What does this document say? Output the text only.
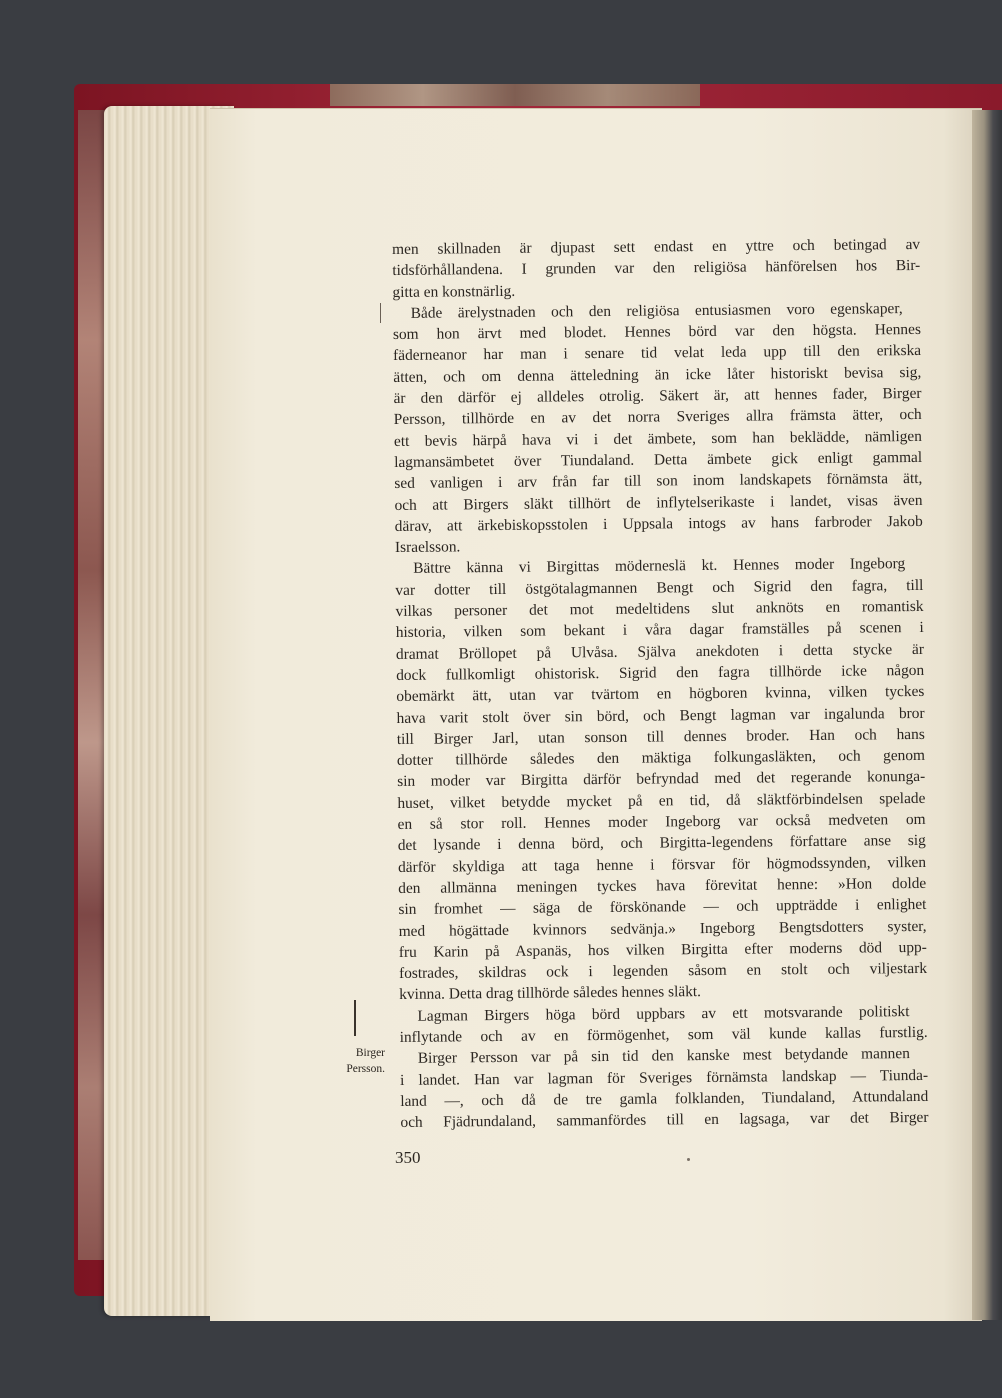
men skillnaden är djupast sett endast en yttre och betingad av
tidsförhållandena. I grunden var den religiösa hänförelsen hos Bir-
gitta en konstnärlig.
Både ärelystnaden och den religiösa entusiasmen voro egenskaper,
som hon ärvt med blodet. Hennes börd var den högsta. Hennes
fäderneanor har man i senare tid velat leda upp till den erikska
ätten, och om denna ätteledning än icke låter historiskt bevisa sig,
är den därför ej alldeles otrolig. Säkert är, att hennes fader, Birger
Persson, tillhörde en av det norra Sveriges allra främsta ätter, och
ett bevis härpå hava vi i det ämbete, som han beklädde, nämligen
lagmansämbetet över Tiundaland. Detta ämbete gick enligt gammal
sed vanligen i arv från far till son inom landskapets förnämsta ätt,
och att Birgers släkt tillhört de inflytelserikaste i landet, visas även
därav, att ärkebiskopsstolen i Uppsala intogs av hans farbroder Jakob
Israelsson.
Bättre känna vi Birgittas möderneslä kt. Hennes moder Ingeborg
var dotter till östgötalagmannen Bengt och Sigrid den fagra, till
vilkas personer det mot medeltidens slut anknöts en romantisk
historia, vilken som bekant i våra dagar framställes på scenen i
dramat Bröllopet på Ulvåsa. Själva anekdoten i detta stycke är
dock fullkomligt ohistorisk. Sigrid den fagra tillhörde icke någon
obemärkt ätt, utan var tvärtom en högboren kvinna, vilken tyckes
hava varit stolt över sin börd, och Bengt lagman var ingalunda bror
till Birger Jarl, utan sonson till dennes broder. Han och hans
dotter tillhörde således den mäktiga folkungasläkten, och genom
sin moder var Birgitta därför befryndad med det regerande konunga-
huset, vilket betydde mycket på en tid, då släktförbindelsen spelade
en så stor roll. Hennes moder Ingeborg var också medveten om
det lysande i denna börd, och Birgitta-legendens författare anse sig
därför skyldiga att taga henne i försvar för högmodssynden, vilken
den allmänna meningen tyckes hava förevitat henne: »Hon dolde
sin fromhet — säga de förskönande — och uppträdde i enlighet
med högättade kvinnors sedvänja.» Ingeborg Bengtsdotters syster,
fru Karin på Aspanäs, hos vilken Birgitta efter moderns död upp-
fostrades, skildras ock i legenden såsom en stolt och viljestark
kvinna. Detta drag tillhörde således hennes släkt.
Lagman Birgers höga börd uppbars av ett motsvarande politiskt
inflytande och av en förmögenhet, som väl kunde kallas furstlig.
Birger Persson var på sin tid den kanske mest betydande mannen
i landet. Han var lagman för Sveriges förnämsta landskap — Tiunda-
land —, och då de tre gamla folklanden, Tiundaland, Attundaland
och Fjädrundaland, sammanfördes till en lagsaga, var det Birger
Birger
Persson.
350
